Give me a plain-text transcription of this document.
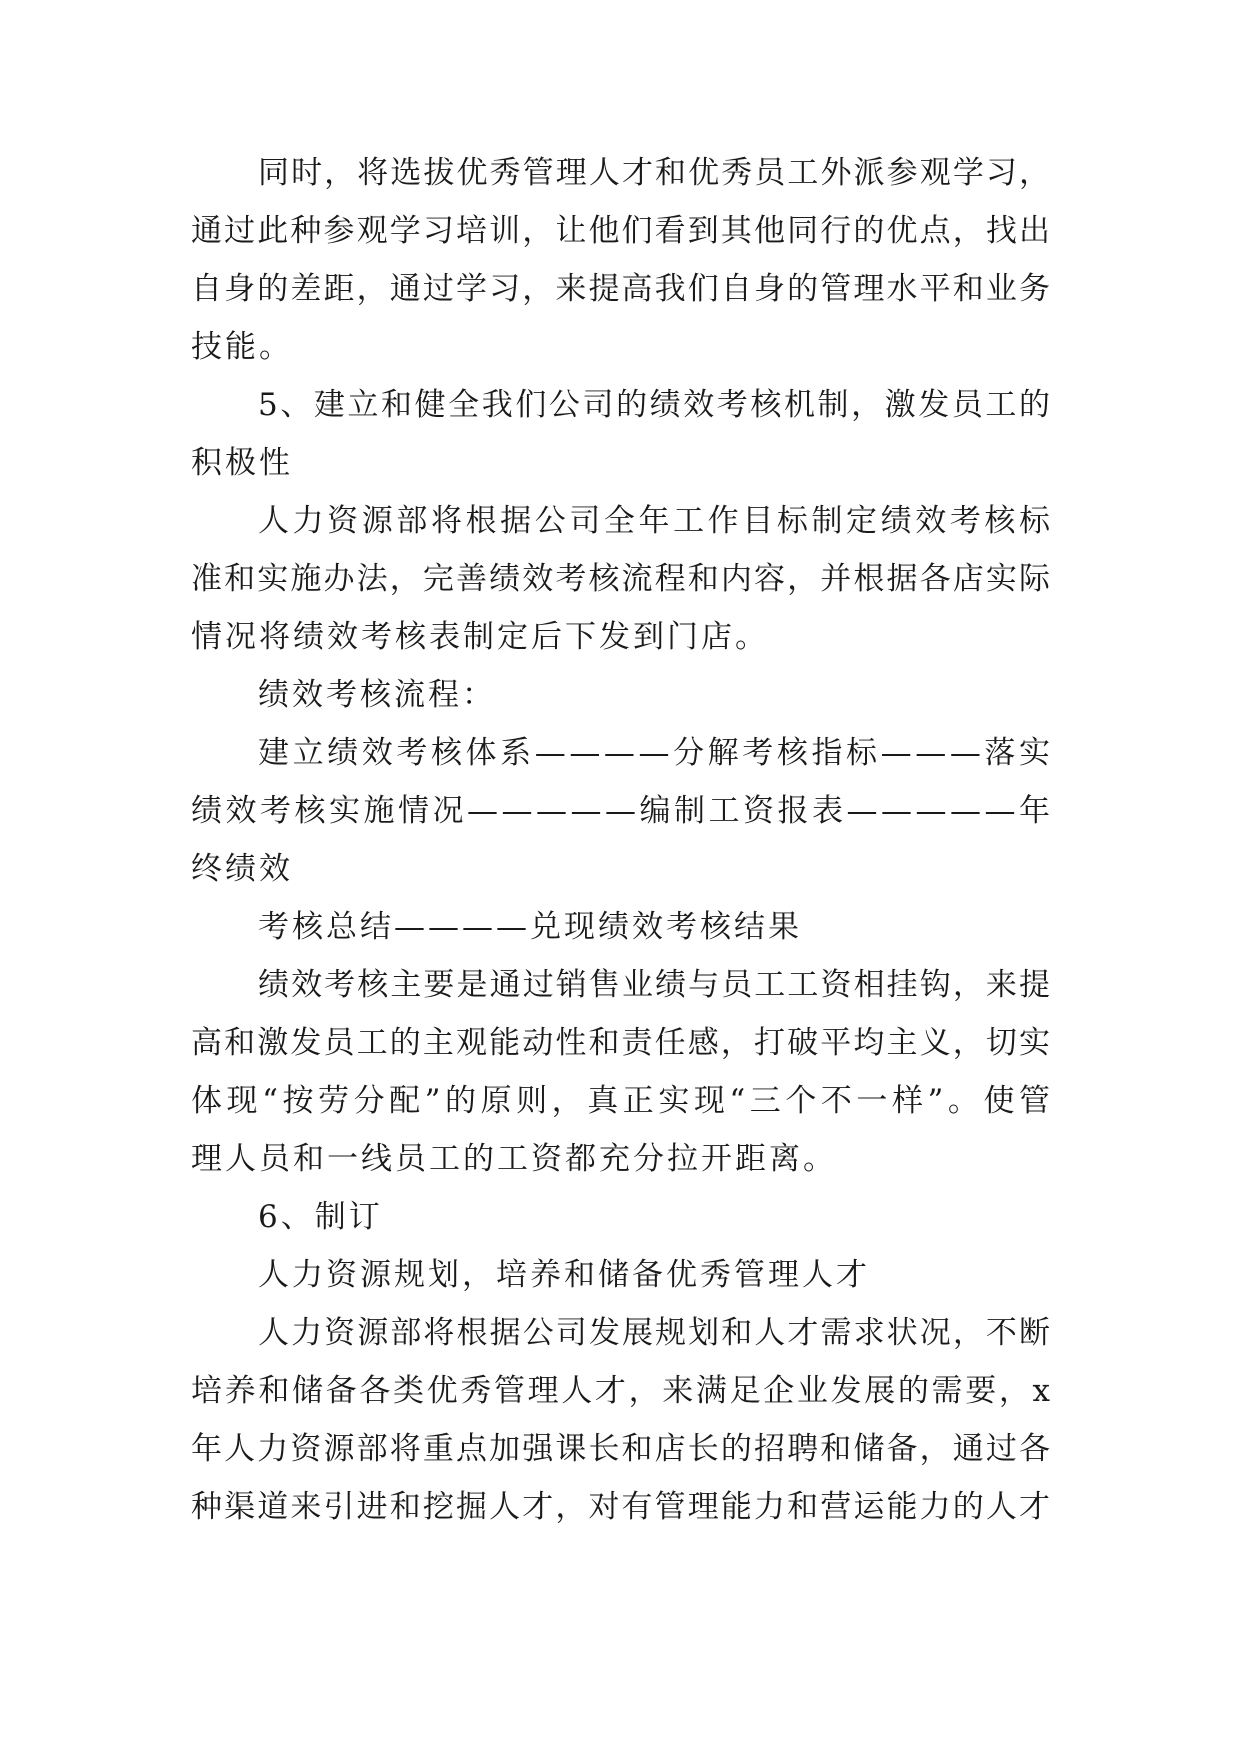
同时，将选拔优秀管理人才和优秀员工外派参观学习，

通过此种参观学习培训，让他们看到其他同行的优点，找出

自身的差距，通过学习，来提高我们自身的管理水平和业务

技能。

5、建立和健全我们公司的绩效考核机制，激发员工的

积极性

人力资源部将根据公司全年工作目标制定绩效考核标

准和实施办法，完善绩效考核流程和内容，并根据各店实际

情况将绩效考核表制定后下发到门店。

绩效考核流程：

建立绩效考核体系————分解考核指标———落实

绩效考核实施情况—————编制工资报表—————年

终绩效

考核总结————兑现绩效考核结果

绩效考核主要是通过销售业绩与员工工资相挂钩，来提

高和激发员工的主观能动性和责任感，打破平均主义，切实

体现“按劳分配”的原则，真正实现“三个不一样”。使管

理人员和一线员工的工资都充分拉开距离。

6、制订

人力资源规划，培养和储备优秀管理人才

人力资源部将根据公司发展规划和人才需求状况，不断

培养和储备各类优秀管理人才，来满足企业发展的需要，x

年人力资源部将重点加强课长和店长的招聘和储备，通过各

种渠道来引进和挖掘人才，对有管理能力和营运能力的人才
